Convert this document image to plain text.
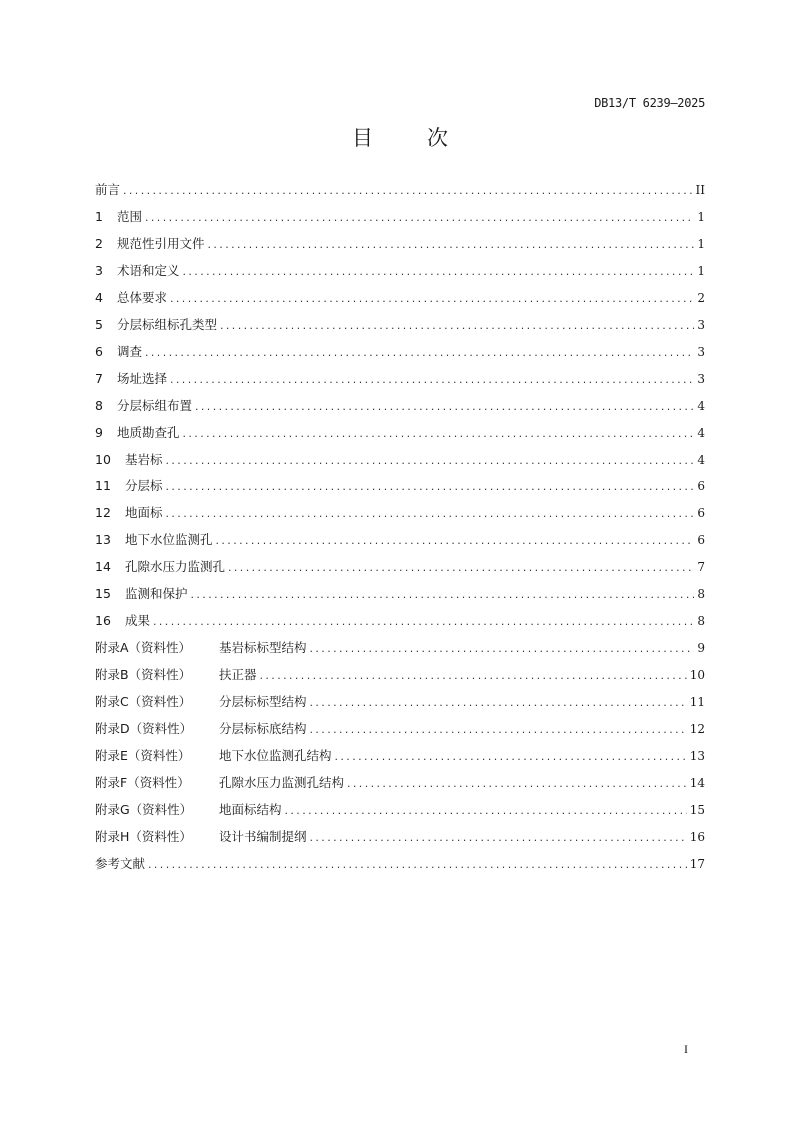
DB13/T 6239—2025
目	次
前言 .....	II
1	范围 .....	1
2	规范性引用文件 .....	1
3	术语和定义 .....	1
4	总体要求 .....	2
5	分层标组标孔类型 .....	3
6	调查 .....	3
7	场址选择 .....	3
8	分层标组布置 .....	4
9	地质勘查孔 .....	4
10	基岩标 .....	4
11	分层标 .....	6
12	地面标 .....	6
13	地下水位监测孔 .....	6
14	孔隙水压力监测孔 .....	7
15	监测和保护 .....	8
16	成果 .....	8
附录A（资料性）	基岩标标型结构 .....	9
附录B（资料性）	扶正器 .....	10
附录C（资料性）	分层标标型结构 .....	11
附录D（资料性）	分层标标底结构 .....	12
附录E（资料性）	地下水位监测孔结构 .....	13
附录F（资料性）	孔隙水压力监测孔结构 .....	14
附录G（资料性）	地面标结构 .....	15
附录H（资料性）	设计书编制提纲 .....	16
参考文献 .....	17
I
